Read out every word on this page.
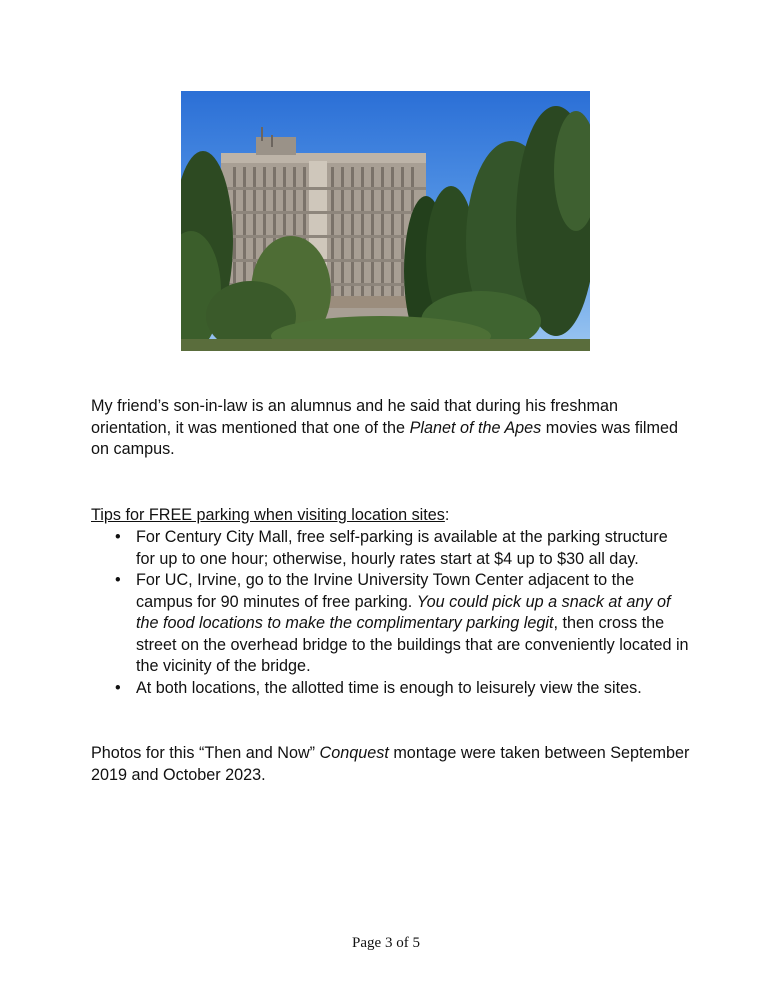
My friend’s son-in-law is an alumnus and he said that during his freshman orientation, it was mentioned that one of the Planet of the Apes movies was filmed on campus.
Tips for FREE parking when visiting location sites:
• For Century City Mall, free self-parking is available at the parking structure for up to one hour; otherwise, hourly rates start at $4 up to $30 all day.
• For UC, Irvine, go to the Irvine University Town Center adjacent to the campus for 90 minutes of free parking. You could pick up a snack at any of the food locations to make the complimentary parking legit, then cross the street on the overhead bridge to the buildings that are conveniently located in the vicinity of the bridge.
• At both locations, the allotted time is enough to leisurely view the sites.
Photos for this “Then and Now” Conquest montage were taken between September 2019 and October 2023.
Page 3 of 5
